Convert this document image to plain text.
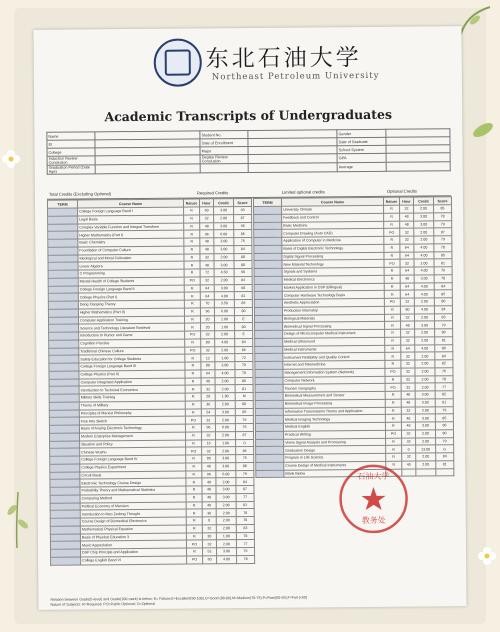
东北石油大学
Northeast Petroleum University
Academic Transcripts of Undergraduates
Name		Student No.		Gender	
ID		Date of Enrollment		Date of Graduate	
College		Major		School System	
Induction Review Conclusion		Degree Review Conclusion		GPA	
Graduation Period (Date Age)				Average	
Total Credits (Excluding Optional)	Required Credits	Limited optional credits	Optional Credits
TERM	Course Name	Nature	Hour	Credit	Score
	College Foreign Language Band I	R	60	3.00	93
	Legal Basis	R	32	2.00	87
	Complex Variable Function and Integral Transform	R	48	3.00	95
	Higher Mathematics (Part I)	R	96	6.00	85
	Basic Chemistry	R	48	3.00	75
	Foundation of Computer Culture	R	48	3.00	84
	Ideological and Moral Cultivation	R	32	2.00	88
	Linear Algebra	R	48	3.00	80
	C Programming	R	72	4.50	90
	Mental Health of College Students	PO	32	2.00	84
	College Foreign Language Band II	R	64	3.00	68
	College Physics (Part I)	R	64	4.00	81
	Deng Xiaoping Theory	R	70	3.50	89
	Higher Mathematics (Part II)	R	96	6.00	80
	Computer Application Training	R	20	1.00	E
	Science and Technology Literature Retrieval	R	20	1.00	80
	Introduction to Humor and Game	PO	32	2.00	E
	Cognition Practice	R	80	4.00	84
	Traditional Chinese Culture	PO	32	2.00	86
	Safety Education for College Students	R	12	1.00	72
	College Foreign Language Band III	R	80	3.00	70
	College Physics (Part II)	R	64	4.00	70
	Computer Integrated Application	R	40	2.00	86
	Introduction to Technical Economics	R	32	2.00	81
	Military Skills Training	R	20	1.00	M
	Theory of Military	R	36	2.00	80
	Principles of Marxist Philosophy	R	54	3.00	85
	Fine Arts Sketch	PO	32	2.00	79
	Basis of Analog Electronic Technology	R	96	6.00	76
	Modern Enterprise Management	R	32	2.00	87
	Situation and Policy	R	16	1.00	G
	Chinese Wushu	PO	32	2.00	86
	College Foreign Language Band IV	R	80	3.00	75
	College Physics Experiment	R	48	3.00	88
	Circuit Basis	R	96	6.00	79
	Electronic Technology Course Design	R	40	2.00	84
	Probability Theory and Mathematical Statistics	R	48	3.00	87
	Computing Method	R	48	3.00	77
	Political Economy of Marxism	R	40	2.00	81
	Introduction to Mao Zedong Thought	R	36	2.00	78
	Course Design of Biomedical Electronics	R	8	2.00	78
	Mathematical Physical Equation	R	32	2.00	83
	Basis of Physical Education 3	R	30	1.00	78
	Music Appreciation	PO	32	2.00	77
	DSP Chip Principle and Application	R	52	3.00	75
	College English Band VI	PO	60	4.00	78
TERM	Course Name	Nature	Hour	Credit	Score
	University Climate	R	32	2.00	85
	Feedback and Control	R	48	3.00	78
	Basic Medicine	R	48	3.00	79
	Computer Drawing (Auto CAD)	PO	32	2.00	87
	Application of Computer in Medicine	R	32	2.00	79
	Basis of Digital Electronic Technology	R	64	4.00	78
	Digital Signal Processing	R	64	4.00	85
	New Material Technology	PO	32	2.00	81
	Signals and Systems	R	64	4.00	76
	Medical Electronics	R	48	3.00	78
	Market Application in DSP (Bilingual)	R	64	4.00	84
	Computer Hardware Technology Basis	R	64	4.00	85
	Aesthetic Appreciation	PO	32	2.00	80
	Production Internship	R	80	4.00	84
	Biological Materials	R	32	2.00	83
	Biomedical Signal Processing	R	48	3.00	79
	Design of Microcomputer Medical Instrument	R	32	2.00	80
	Medical Ultrasound	R	32	2.00	81
	Medical Instruments	R	64	4.00	80
	Instrument Reliability and Quality Control	R	32	2.00	84
	Internet and Telemedicine	R	32	2.00	82
	Management Information System (Network)	PO	32	2.00	76
	Computer Network	R	32	2.00	78
	Tourism Geography	PO	32	2.00	77
	Biomedical Measurement and Sensor	R	48	3.00	82
	Biomedical Image Processing	R	48	3.00	81
	Information Transmission Theory and Application	R	32	2.00	79
	Medical Imaging Technology	R	48	3.00	85
	Medical English	R	48	3.00	86
	Practical Writing	PO	32	2.00	80
	Vision Signal Analysis and Processing	R	32	2.00	79
	Graduation Design	R	0	13.00	G
	Program in Life Science	R	32	2.00	84
	Course Design of Medical Instruments	R	40	2.00	81
	Blank Below					石油大学
教务处
Relation between Grade(5-level) and Grade(100-mark) is below: E= Failure;E=Excellent(90-100),G=Good (80-89),M=Medium(70-79),P=Pass(60-69),F=Fail (<60)
Nature of Subjects: R=Required; PO=Public Optional; O=Optional
